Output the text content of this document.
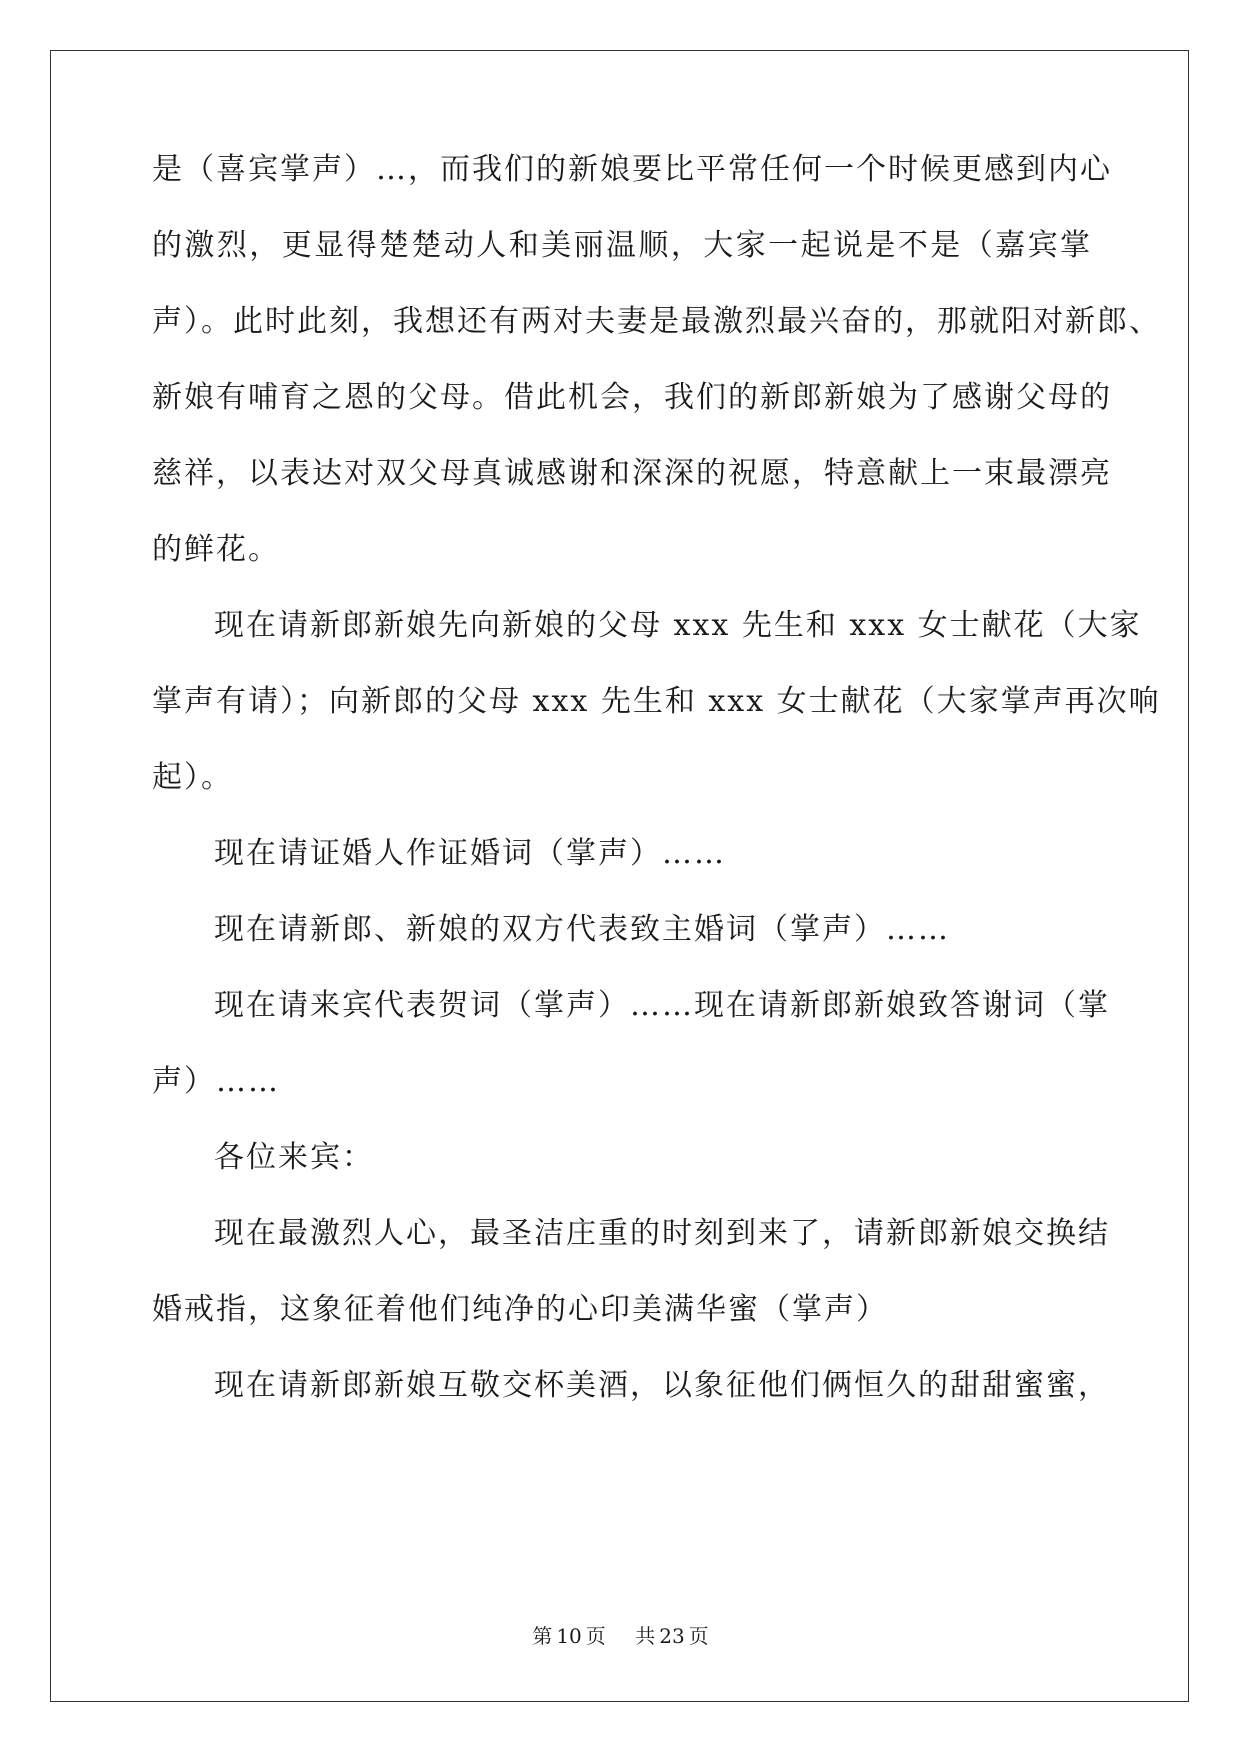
是（喜宾掌声）…，而我们的新娘要比平常任何一个时候更感到内心
的激烈，更显得楚楚动人和美丽温顺，大家一起说是不是（嘉宾掌
声）。此时此刻，我想还有两对夫妻是最激烈最兴奋的，那就阳对新郎、
新娘有哺育之恩的父母。借此机会，我们的新郎新娘为了感谢父母的
慈祥，以表达对双父母真诚感谢和深深的祝愿，特意献上一束最漂亮
的鲜花。
现在请新郎新娘先向新娘的父母 xxx 先生和 xxx 女士献花（大家
掌声有请）；向新郎的父母 xxx 先生和 xxx 女士献花（大家掌声再次响
起）。
现在请证婚人作证婚词（掌声）……
现在请新郎、新娘的双方代表致主婚词（掌声）……
现在请来宾代表贺词（掌声）……现在请新郎新娘致答谢词（掌
声）……
各位来宾：
现在最激烈人心，最圣洁庄重的时刻到来了，请新郎新娘交换结
婚戒指，这象征着他们纯净的心印美满华蜜（掌声）
现在请新郎新娘互敬交杯美酒，以象征他们俩恒久的甜甜蜜蜜，
第 10 页 共 23 页
